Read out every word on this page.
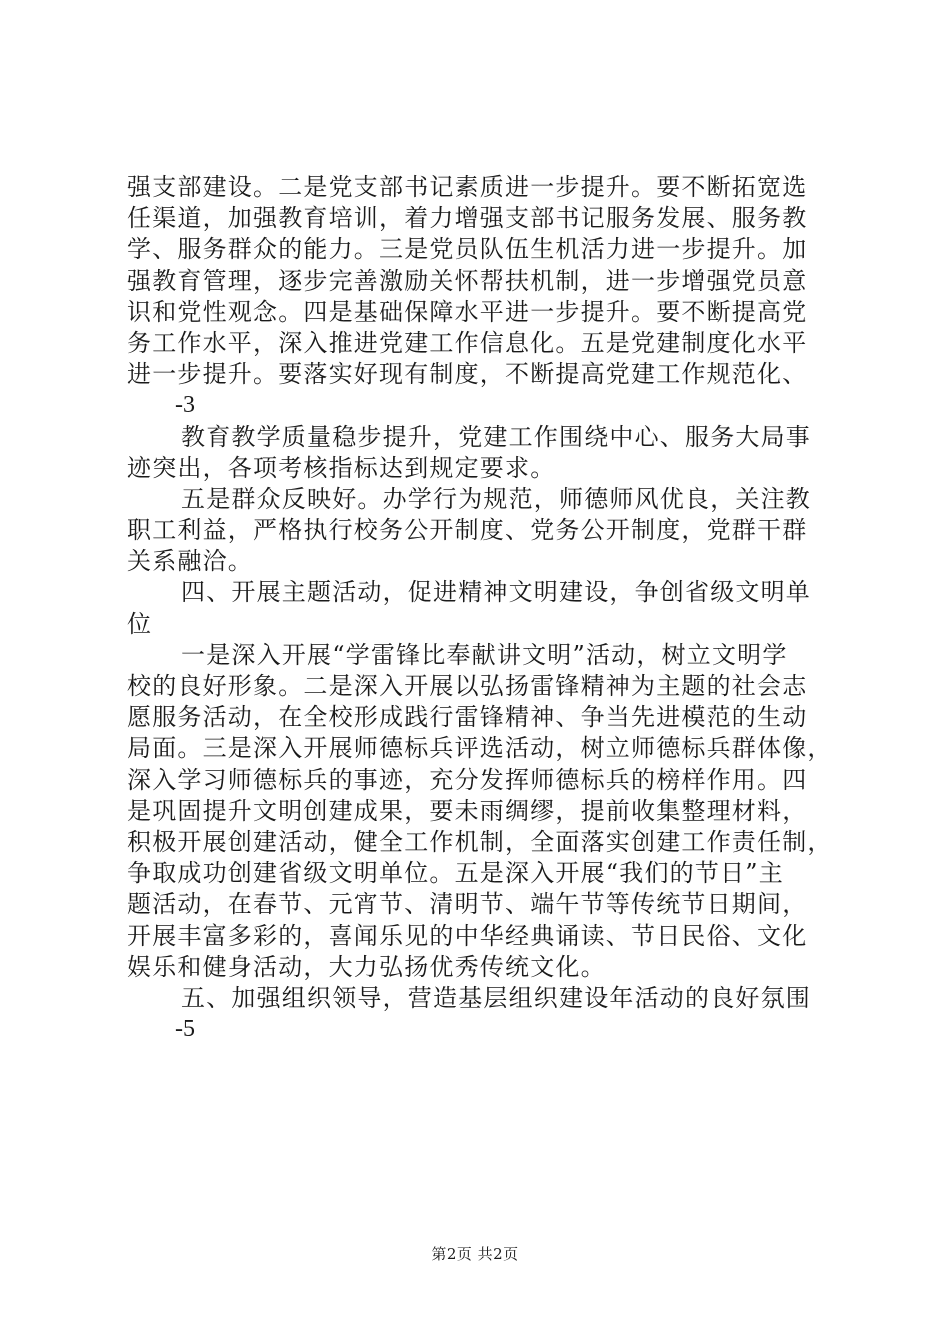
强支部建设。二是党支部书记素质进一步提升。要不断拓宽选
任渠道，加强教育培训，着力增强支部书记服务发展、服务教
学、服务群众的能力。三是党员队伍生机活力进一步提升。加
强教育管理，逐步完善激励关怀帮扶机制，进一步增强党员意
识和党性观念。四是基础保障水平进一步提升。要不断提高党
务工作水平，深入推进党建工作信息化。五是党建制度化水平
进一步提升。要落实好现有制度，不断提高党建工作规范化、
-3
教育教学质量稳步提升，党建工作围绕中心、服务大局事
迹突出，各项考核指标达到规定要求。
五是群众反映好。办学行为规范，师德师风优良，关注教
职工利益，严格执行校务公开制度、党务公开制度，党群干群
关系融洽。
四、开展主题活动，促进精神文明建设，争创省级文明单
位
一是深入开展“学雷锋比奉献讲文明”活动，树立文明学
校的良好形象。二是深入开展以弘扬雷锋精神为主题的社会志
愿服务活动，在全校形成践行雷锋精神、争当先进模范的生动
局面。三是深入开展师德标兵评选活动，树立师德标兵群体像，
深入学习师德标兵的事迹，充分发挥师德标兵的榜样作用。四
是巩固提升文明创建成果，要未雨绸缪，提前收集整理材料，
积极开展创建活动，健全工作机制，全面落实创建工作责任制，
争取成功创建省级文明单位。五是深入开展“我们的节日”主
题活动，在春节、元宵节、清明节、端午节等传统节日期间，
开展丰富多彩的，喜闻乐见的中华经典诵读、节日民俗、文化
娱乐和健身活动，大力弘扬优秀传统文化。
五、加强组织领导，营造基层组织建设年活动的良好氛围
-5
第2页 共2页
